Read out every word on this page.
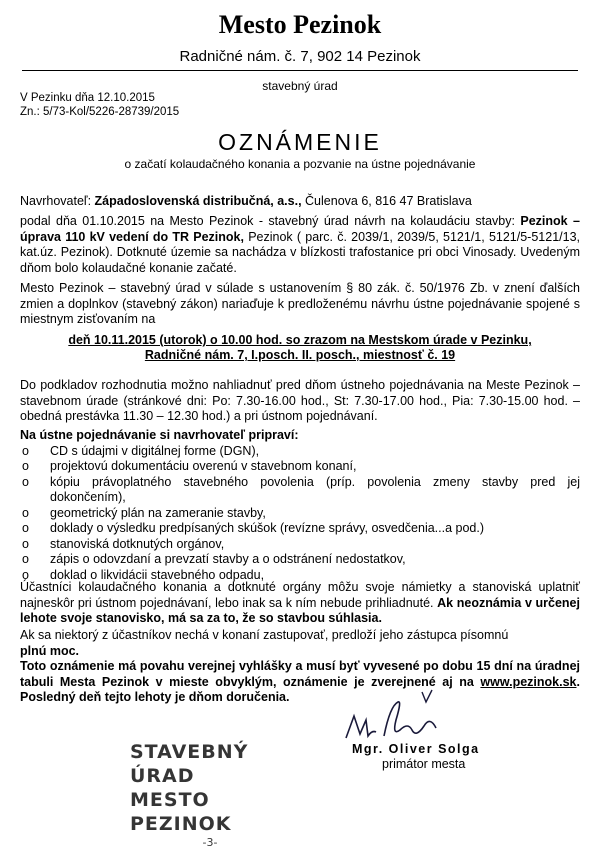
Mesto Pezinok
Radničné nám. č. 7, 902 14 Pezinok
stavebný úrad
V Pezinku dňa 12.10.2015
Zn.: 5/73-Kol/5226-28739/2015
OZNÁMENIE
o začatí kolaudačného konania a pozvanie na ústne pojednávanie
Navrhovateľ: Západoslovenská distribučná, a.s., Čulenova 6, 816 47 Bratislava
podal dňa 01.10.2015 na Mesto Pezinok - stavebný úrad návrh na kolaudáciu stavby: Pezinok – úprava 110 kV vedení do TR Pezinok, Pezinok ( parc. č. 2039/1, 2039/5, 5121/1, 5121/5-5121/13, kat.úz. Pezinok). Dotknuté územie sa nachádza v blízkosti trafostanice pri obci Vinosady. Uvedeným dňom bolo kolaudačné konanie začaté.
Mesto Pezinok – stavebný úrad v súlade s ustanovením § 80 zák. č. 50/1976 Zb. v znení ďalších zmien a doplnkov (stavebný zákon) nariaďuje k predloženému návrhu ústne pojednávanie spojené s miestnym zisťovaním na
deň 10.11.2015 (utorok) o 10.00 hod. so zrazom na Mestskom úrade v Pezinku,
Radničné nám. 7, I.posch. II. posch., miestnosť č. 19
Do podkladov rozhodnutia možno nahliadnuť pred dňom ústneho pojednávania na Meste Pezinok – stavebnom úrade (stránkové dni: Po: 7.30-16.00 hod., St: 7.30-17.00 hod., Pia: 7.30-15.00 hod. – obedná prestávka 11.30 – 12.30 hod.) a pri ústnom pojednávaní.
Na ústne pojednávanie si navrhovateľ pripraví:
o CD s údajmi v digitálnej forme (DGN),
o projektovú dokumentáciu overenú v stavebnom konaní,
o kópiu právoplatného stavebného povolenia (príp. povolenia zmeny stavby pred jej dokončením),
o geometrický plán na zameranie stavby,
o doklady o výsledku predpísaných skúšok (revízne správy, osvedčenia...a pod.)
o stanoviská dotknutých orgánov,
o zápis o odovzdaní a prevzatí stavby a o odstránení nedostatkov,
o doklad o likvidácii stavebného odpadu,
Účastníci kolaudačného konania a dotknuté orgány môžu svoje námietky a stanoviská uplatniť najneskôr pri ústnom pojednávaní, lebo inak sa k ním nebude prihliadnuté. Ak neoznámia v určenej lehote svoje stanovisko, má sa za to, že so stavbou súhlasia.
Ak sa niektorý z účastníkov nechá v konaní zastupovať, predloží jeho zástupca písomnú
plnú moc.
Toto oznámenie má povahu verejnej vyhlášky a musí byť vyvesené po dobu 15 dní na úradnej tabuli Mesta Pezinok v mieste obvyklým, oznámenie je zverejnené aj na www.pezinok.sk. Posledný deň tejto lehoty je dňom doručenia.
STAVEBNÝ ÚRAD
MESTO PEZINOK
-3-
Mgr. Oliver Solga
primátor mesta
